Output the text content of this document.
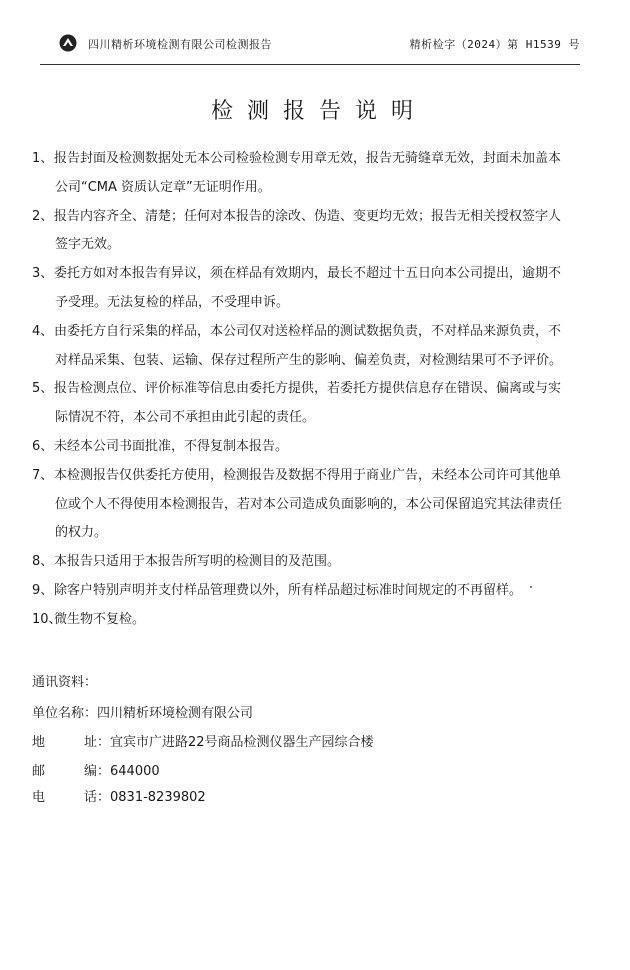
四川精析环境检测有限公司检测报告	精析检字（2024）第 H1539 号
检测报告说明
1、报告封面及检测数据处无本公司检验检测专用章无效，报告无骑缝章无效，封面未加盖本
公司“CMA 资质认定章”无证明作用。
2、报告内容齐全、清楚；任何对本报告的涂改、伪造、变更均无效；报告无相关授权签字人
签字无效。
3、委托方如对本报告有异议，须在样品有效期内，最长不超过十五日向本公司提出，逾期不
予受理。无法复检的样品，不受理申诉。
4、由委托方自行采集的样品，本公司仅对送检样品的测试数据负责，不对样品来源负责，不
对样品采集、包装、运输、保存过程所产生的影响、偏差负责，对检测结果可不予评价。
5、报告检测点位、评价标准等信息由委托方提供，若委托方提供信息存在错误、偏离或与实
际情况不符，本公司不承担由此引起的责任。
6、未经本公司书面批准，不得复制本报告。
7、本检测报告仅供委托方使用，检测报告及数据不得用于商业广告，未经本公司许可其他单
位或个人不得使用本检测报告，若对本公司造成负面影响的，本公司保留追究其法律责任
的权力。
8、本报告只适用于本报告所写明的检测目的及范围。
9、除客户特别声明并支付样品管理费以外，所有样品超过标准时间规定的不再留样。
10、微生物不复检。
通讯资料：
单位名称：四川精析环境检测有限公司
地	址：宜宾市广进路22号商品检测仪器生产园综合楼
邮	编：644000
电	话：0831-8239802
